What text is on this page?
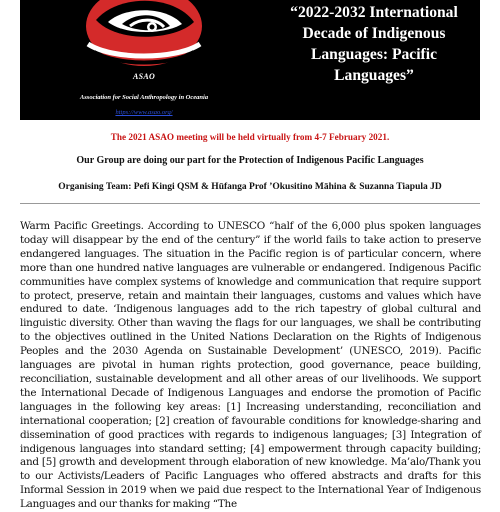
ASAO
Association for Social Anthropology in Oceania
https://www.asao.org/
“2022-2032 International Decade of Indigenous Languages: Pacific Languages”
The 2021 ASAO meeting will be held virtually from 4-7 February 2021.
Our Group are doing our part for the Protection of Indigenous Pacific Languages
Organising Team: Pefi Kingi QSM & Hūfanga Prof ’Okusitino Māhina & Suzanna Tiapula JD
Warm Pacific Greetings. According to UNESCO “half of the 6,000 plus spoken languages today will disappear by the end of the century” if the world fails to take action to preserve endangered languages. The situation in the Pacific region is of particular concern, where more than one hundred native languages are vulnerable or endangered. Indigenous Pacific communities have complex systems of knowledge and communication that require support to protect, preserve, retain and maintain their languages, customs and values which have endured to date. ‘Indigenous languages add to the rich tapestry of global cultural and linguistic diversity. Other than waving the flags for our languages, we shall be contributing to the objectives outlined in the United Nations Declaration on the Rights of Indigenous Peoples and the 2030 Agenda on Sustainable Development’ (UNESCO, 2019). Pacific languages are pivotal in human rights protection, good governance, peace building, reconciliation, sustainable development and all other areas of our livelihoods. We support the International Decade of Indigenous Languages and endorse the promotion of Pacific languages in the following key areas: [1] Increasing understanding, reconciliation and international cooperation; [2] creation of favourable conditions for knowledge-sharing and dissemination of good practices with regards to indigenous languages; [3] Integration of indigenous languages into standard setting; [4] empowerment through capacity building; and [5] growth and development through elaboration of new knowledge. Ma’alo/Thank you to our Activists/Leaders of Pacific Languages who offered abstracts and drafts for this Informal Session in 2019 when we paid due respect to the International Year of Indigenous Languages and our thanks for making “The
